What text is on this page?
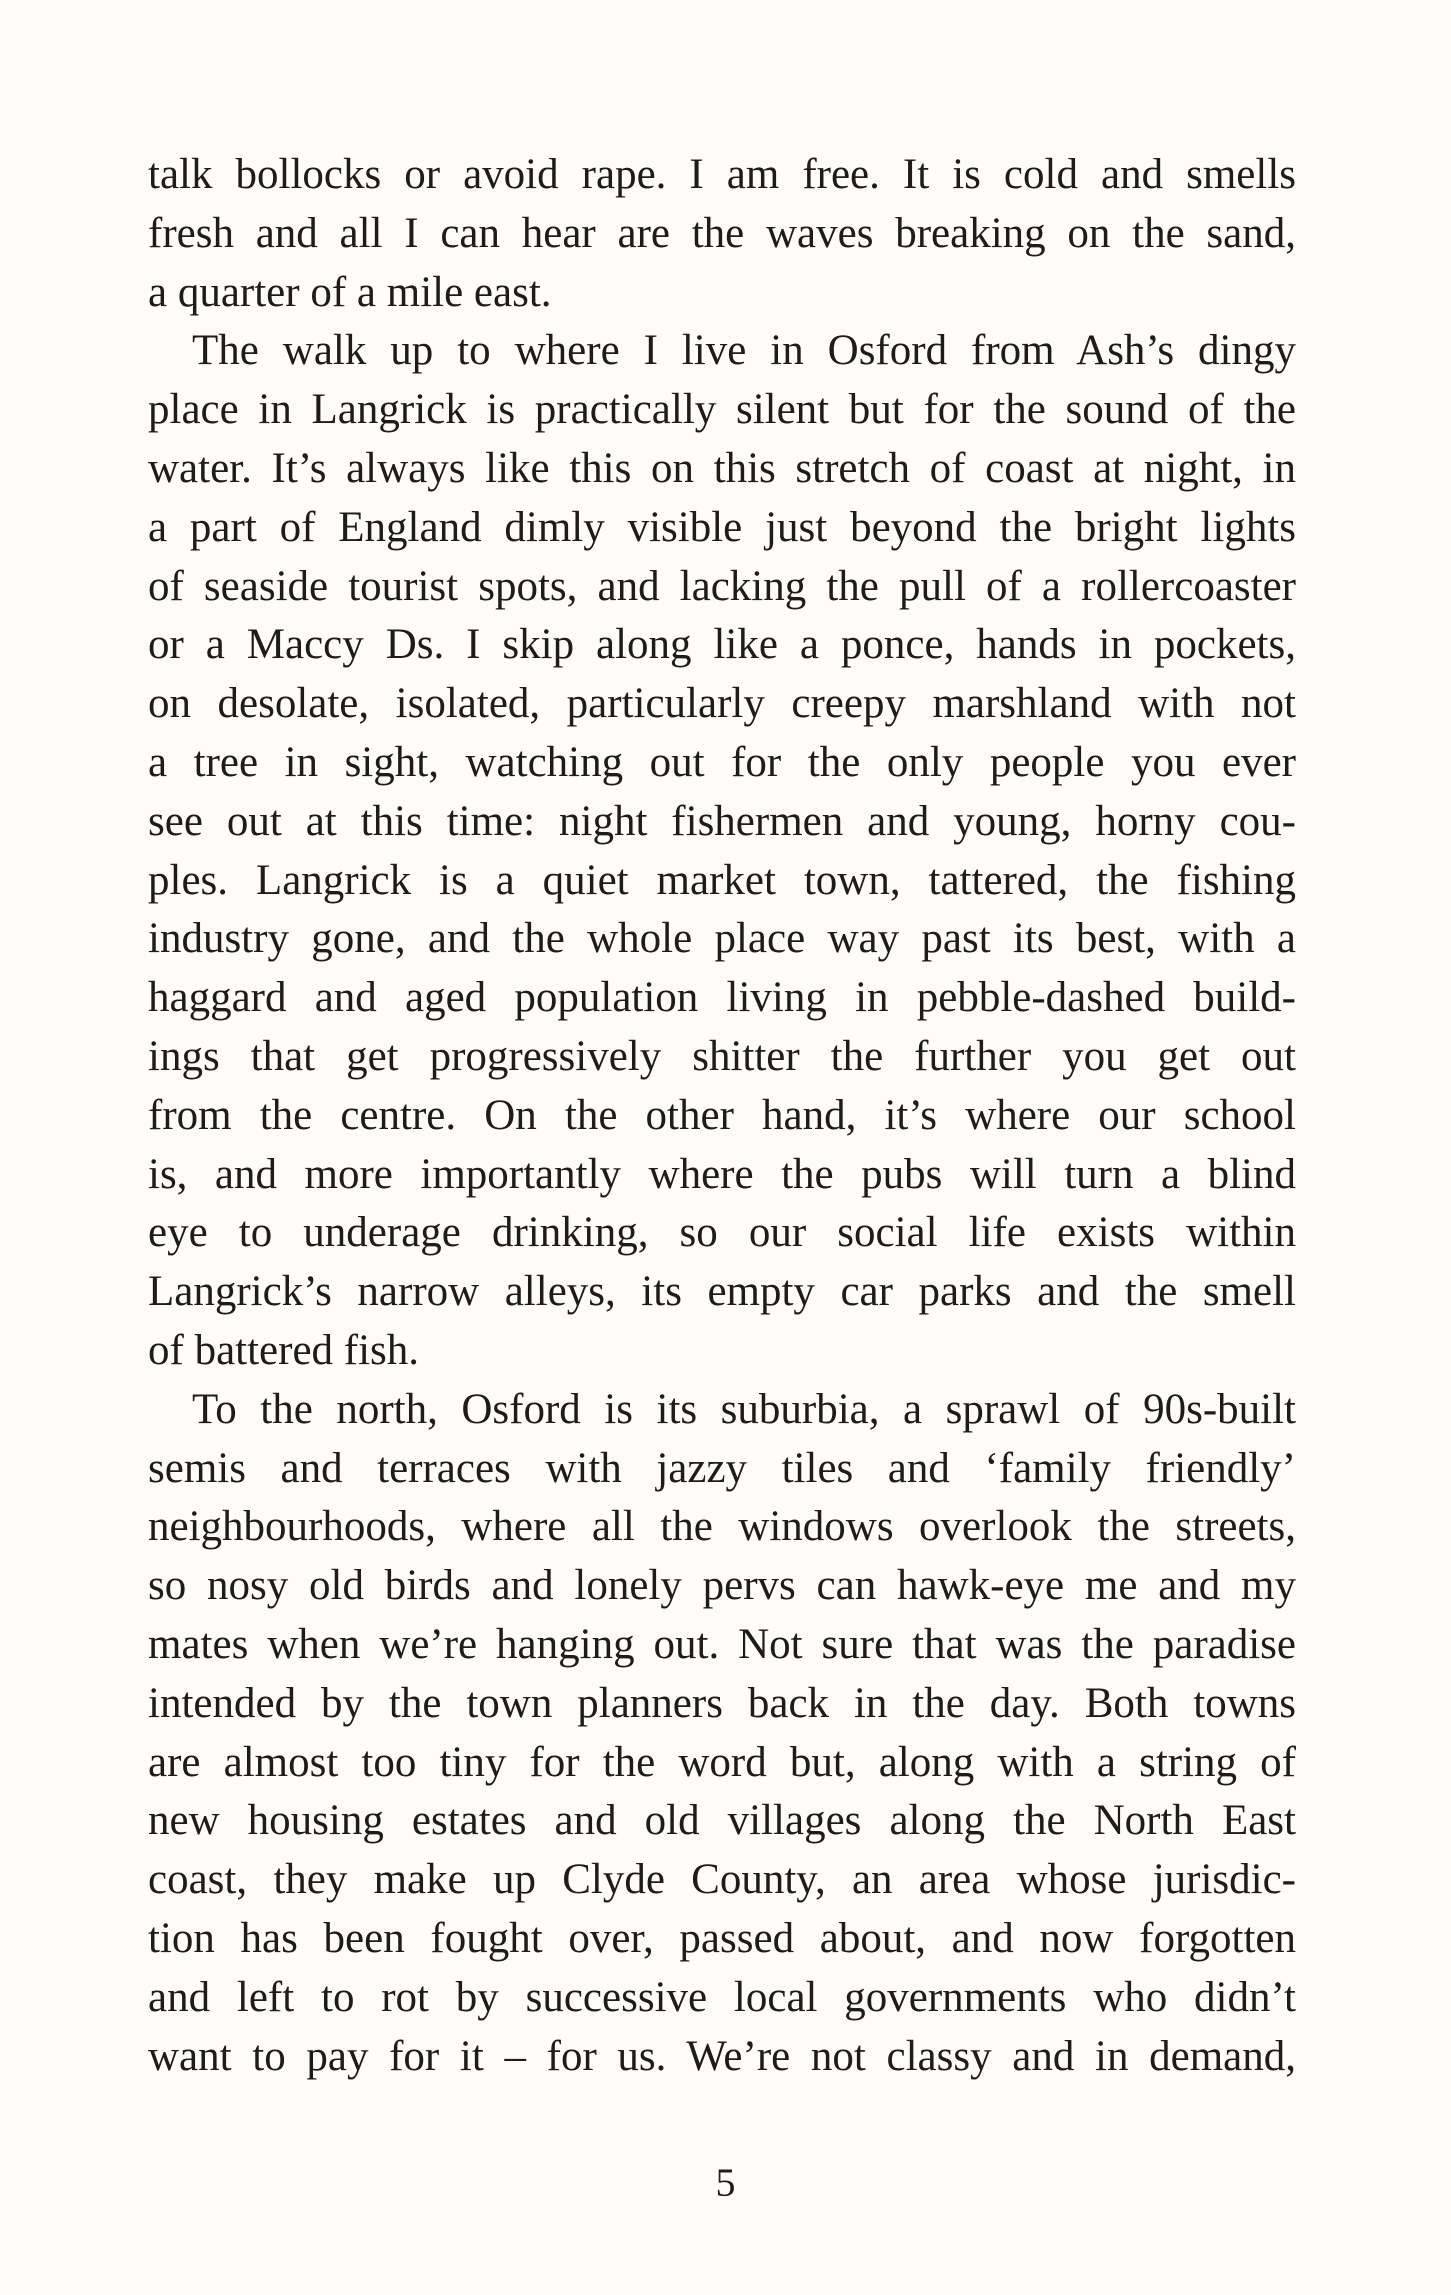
talk bollocks or avoid rape. I am free. It is cold and smells
fresh and all I can hear are the waves breaking on the sand,
a quarter of a mile east.
The walk up to where I live in Osford from Ash’s dingy
place in Langrick is practically silent but for the sound of the
water. It’s always like this on this stretch of coast at night, in
a part of England dimly visible just beyond the bright lights
of seaside tourist spots, and lacking the pull of a rollercoaster
or a Maccy Ds. I skip along like a ponce, hands in pockets,
on desolate, isolated, particularly creepy marshland with not
a tree in sight, watching out for the only people you ever
see out at this time: night fishermen and young, horny cou-
ples. Langrick is a quiet market town, tattered, the fishing
industry gone, and the whole place way past its best, with a
haggard and aged population living in pebble-dashed build-
ings that get progressively shitter the further you get out
from the centre. On the other hand, it’s where our school
is, and more importantly where the pubs will turn a blind
eye to underage drinking, so our social life exists within
Langrick’s narrow alleys, its empty car parks and the smell
of battered fish.
To the north, Osford is its suburbia, a sprawl of 90s-built
semis and terraces with jazzy tiles and ‘family friendly’
neighbourhoods, where all the windows overlook the streets,
so nosy old birds and lonely pervs can hawk-eye me and my
mates when we’re hanging out. Not sure that was the paradise
intended by the town planners back in the day. Both towns
are almost too tiny for the word but, along with a string of
new housing estates and old villages along the North East
coast, they make up Clyde County, an area whose jurisdic-
tion has been fought over, passed about, and now forgotten
and left to rot by successive local governments who didn’t
want to pay for it – for us. We’re not classy and in demand,
5
